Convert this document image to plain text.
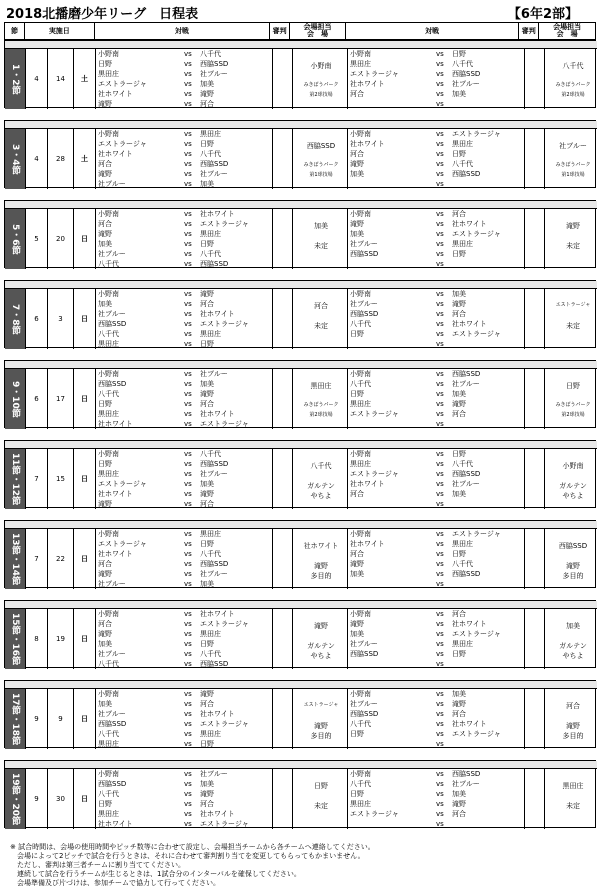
2018北播磨少年リーグ　日程表	【6年2部】
節	実施日	対戦	審判	会場担当
会　場	対戦	審判	会場担当
会　場
1・2節	4	14	土
小野南	vs	八千代
日野	vs	西脇SSD
黒田庄	vs	社ブルー
エストラージャ	vs	加美
社ホワイト	vs	滝野
滝野	vs	河合
小野南
みきぼうパーク
第2球技場
小野南	vs	日野
黒田庄	vs	八千代
エストラージャ	vs	西脇SSD
社ホワイト	vs	社ブルー
河合	vs	加美
vs
八千代
みきぼうパーク
第2球技場
3・4節	4	28	土
小野南	vs	黒田庄
エストラージャ	vs	日野
社ホワイト	vs	八千代
河合	vs	西脇SSD
滝野	vs	社ブルー
社ブルー	vs	加美
西脇SSD
みきぼうパーク
第1球技場
小野南	vs	エストラージャ
社ホワイト	vs	黒田庄
河合	vs	日野
滝野	vs	八千代
加美	vs	西脇SSD
vs
社ブルー
みきぼうパーク
第1球技場
5・6節	5	20	日
小野南	vs	社ホワイト
河合	vs	エストラージャ
滝野	vs	黒田庄
加美	vs	日野
社ブルー	vs	八千代
八千代	vs	西脇SSD
加美
未定
小野南	vs	河合
滝野	vs	社ホワイト
加美	vs	エストラージャ
社ブルー	vs	黒田庄
西脇SSD	vs	日野
vs
滝野
未定
7・8節	6	3	日
小野南	vs	滝野
加美	vs	河合
社ブルー	vs	社ホワイト
西脇SSD	vs	エストラージャ
八千代	vs	黒田庄
黒田庄	vs	日野
河合
未定
小野南	vs	加美
社ブルー	vs	滝野
西脇SSD	vs	河合
八千代	vs	社ホワイト
日野	vs	エストラージャ
vs
エストラージャ
未定
9・10節	6	17	日
小野南	vs	社ブルー
西脇SSD	vs	加美
八千代	vs	滝野
日野	vs	河合
黒田庄	vs	社ホワイト
社ホワイト	vs	エストラージャ
黒田庄
みきぼうパーク
第2球技場
小野南	vs	西脇SSD
八千代	vs	社ブルー
日野	vs	加美
黒田庄	vs	滝野
エストラージャ	vs	河合
vs
日野
みきぼうパーク
第2球技場
11節・12節	7	15	日
小野南	vs	八千代
日野	vs	西脇SSD
黒田庄	vs	社ブルー
エストラージャ	vs	加美
社ホワイト	vs	滝野
滝野	vs	河合
八千代
ガルテン
やちよ
小野南	vs	日野
黒田庄	vs	八千代
エストラージャ	vs	西脇SSD
社ホワイト	vs	社ブルー
河合	vs	加美
vs
小野南
ガルテン
やちよ
13節・14節	7	22	日
小野南	vs	黒田庄
エストラージャ	vs	日野
社ホワイト	vs	八千代
河合	vs	西脇SSD
滝野	vs	社ブルー
社ブルー	vs	加美
社ホワイト
滝野
多目的
小野南	vs	エストラージャ
社ホワイト	vs	黒田庄
河合	vs	日野
滝野	vs	八千代
加美	vs	西脇SSD
vs
西脇SSD
滝野
多目的
15節・16節	8	19	日
小野南	vs	社ホワイト
河合	vs	エストラージャ
滝野	vs	黒田庄
加美	vs	日野
社ブルー	vs	八千代
八千代	vs	西脇SSD
滝野
ガルテン
やちよ
小野南	vs	河合
滝野	vs	社ホワイト
加美	vs	エストラージャ
社ブルー	vs	黒田庄
西脇SSD	vs	日野
vs
加美
ガルテン
やちよ
17節・18節	9	9	日
小野南	vs	滝野
加美	vs	河合
社ブルー	vs	社ホワイト
西脇SSD	vs	エストラージャ
八千代	vs	黒田庄
黒田庄	vs	日野
エストラージャ
滝野
多目的
小野南	vs	加美
社ブルー	vs	滝野
西脇SSD	vs	河合
八千代	vs	社ホワイト
日野	vs	エストラージャ
vs
河合
滝野
多目的
19節・20節	9	30	日
小野南	vs	社ブルー
西脇SSD	vs	加美
八千代	vs	滝野
日野	vs	河合
黒田庄	vs	社ホワイト
社ホワイト	vs	エストラージャ
日野
未定
小野南	vs	西脇SSD
八千代	vs	社ブルー
日野	vs	加美
黒田庄	vs	滝野
エストラージャ	vs	河合
vs
黒田庄
未定
※ 試合時間は、会場の使用時間やピッチ数等に合わせて設定し、会場担当チームから各チームへ連絡してください。
　会場によって2ピッチで試合を行うときは、それに合わせて審判割り当てを変更してもらってもかまいません。
　ただし、審判は第三者チームに割り当ててください。
　連続して試合を行うチームが生じるときは、1試合分のインターバルを確保してください。
　会場準備及び片づけは、参加チームで協力して行ってください。
